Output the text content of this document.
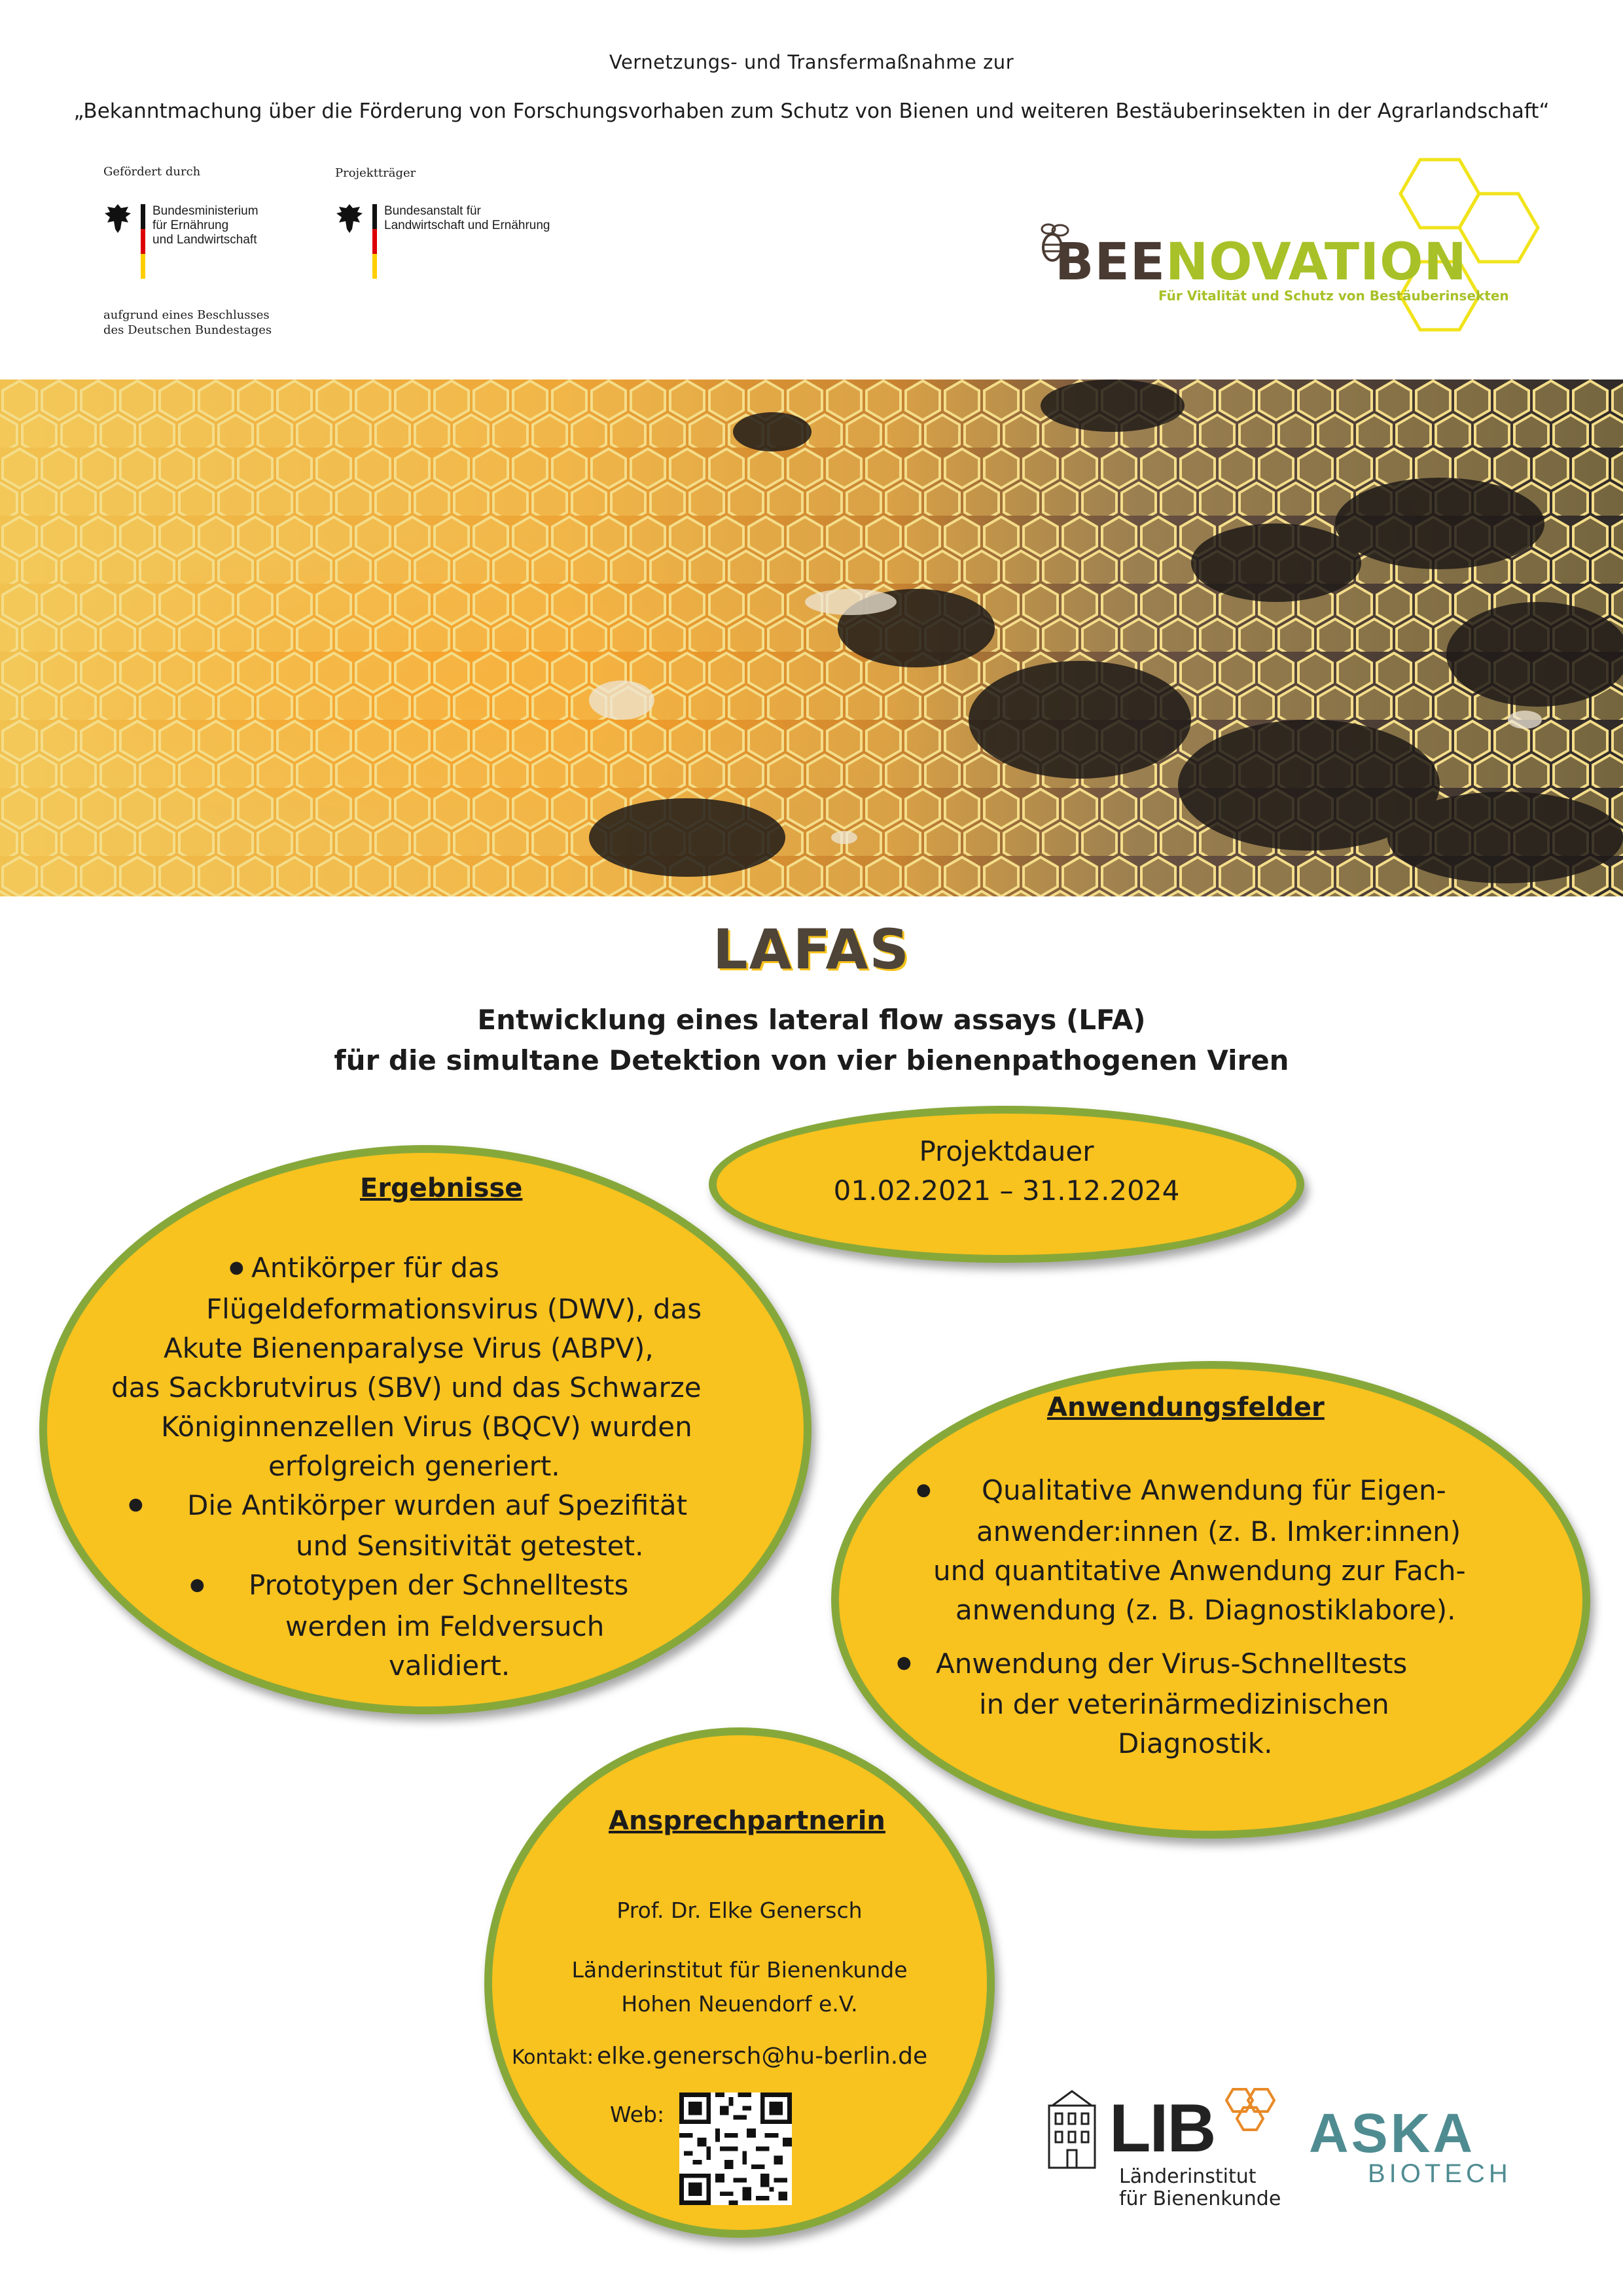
Vernetzungs- und Transfermaßnahme zur
„Bekanntmachung über die Förderung von Forschungsvorhaben zum Schutz von Bienen und weiteren Bestäuberinsekten in der Agrarlandschaft“
Gefördert durch
Bundesministerium
für Ernährung
und Landwirtschaft
aufgrund eines Beschlusses
des Deutschen Bundestages
Projektträger
Bundesanstalt für
Landwirtschaft und Ernährung
BEENOVATION
Für Vitalität und Schutz von Bestäuberinsekten
LAFAS
Entwicklung eines lateral flow assays (LFA)
für die simultane Detektion von vier bienenpathogenen Viren
Ergebnisse
● Antikörper für das
Flügeldeformationsvirus (DWV), das
Akute Bienenparalyse Virus (ABPV),
das Sackbrutvirus (SBV) und das Schwarze
Königinnenzellen Virus (BQCV) wurden
erfolgreich generiert.
● Die Antikörper wurden auf Spezifität
und Sensitivität getestet.
● Prototypen der Schnelltests
werden im Feldversuch
validiert.
Projektdauer
01.02.2021 – 31.12.2024
Anwendungsfelder
● Qualitative Anwendung für Eigen-
anwender:innen (z. B. Imker:innen)
und quantitative Anwendung zur Fach-
anwendung (z. B. Diagnostiklabore).
● Anwendung der Virus-Schnelltests
in der veterinärmedizinischen
Diagnostik.
Ansprechpartnerin
Prof. Dr. Elke Genersch
Länderinstitut für Bienenkunde
Hohen Neuendorf e.V.
Kontakt: elke.genersch@hu-berlin.de
Web:	LIB
Länderinstitut
für Bienenkunde
ASKA
BIOTECH
